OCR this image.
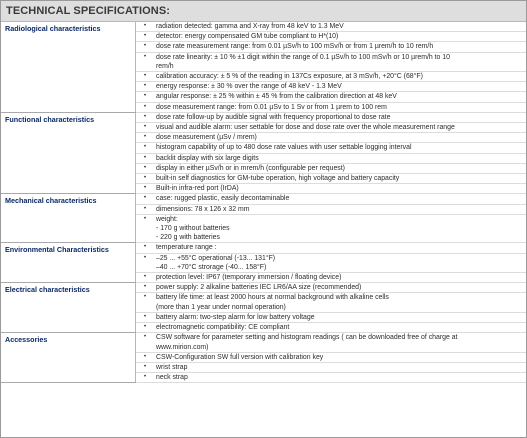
TECHNICAL SPECIFICATIONS:
Radiological characteristics	•	radiation detected: gamma and X-ray from 48 keV to 1.3 MeV

	•	detector: energy compensated GM tube compliant to H*(10)

	•	dose rate measurement range: from 0.01 µSv/h to 100 mSv/h or from 1 µrem/h to 10 rem/h

	•	dose rate linearity: ± 10 % ±1 digit within the range of 0.1 µSv/h to 100 mSv/h or 10 µrem/h to 10
rem/h

	•	calibration accuracy: ± 5 % of the reading in 137Cs exposure, at 3 mSv/h, +20°C (68°F)

	•	energy response: ± 30 % over the range of 48 keV - 1.3 MeV

	•	angular response: ± 25 % within ± 45 % from the calibration direction at 48 keV

	•	dose measurement range: from 0.01 µSv to 1 Sv or from 1 µrem to 100 rem

Functional characteristics	•	dose rate follow-up by audible signal with frequency proportional to dose rate

	•	visual and audible alarm: user settable for dose and dose rate over the whole measurement range

	•	dose measurement (µSv / mrem)

	•	histogram capability of up to 480 dose rate values with user settable logging interval

	•	backlit display with six large digits

	•	display in either µSv/h or in mrem/h (configurable per request)

	•	built-in self diagnostics for GM-tube operation, high voltage and battery capacity

	•	Built-in infra-red port (IrDA)

Mechanical characteristics	•	case: rugged plastic, easily decontaminable

	•	dimensions: 78 x 126 x 32 mm

	•	weight:
- 170 g without batteries
- 220 g with batteries

Environmental Characteristics	•	temperature range :

	•	–25 ... +55°C operational (-13... 131°F)
–40 ... +70°C strorage (-40... 158°F)

	•	protection level: IP67 (temporary immersion / floating device)

Electrical characteristics	•	power supply: 2 alkaline batteries IEC LR6/AA size (recommended)

	•	battery life time: at least 2000 hours at normal background with alkaline cells
(more than 1 year under normal operation)

	•	battery alarm: two-step alarm for low battery voltage

	•	electromagnetic compatibility: CE compliant

Accessories	•	CSW software for parameter setting and histogram readings ( can be downloaded free of charge at
www.mirion.com)

	•	CSW-Configuration SW full version with calibration key

	•	wrist strap

	•	neck strap
